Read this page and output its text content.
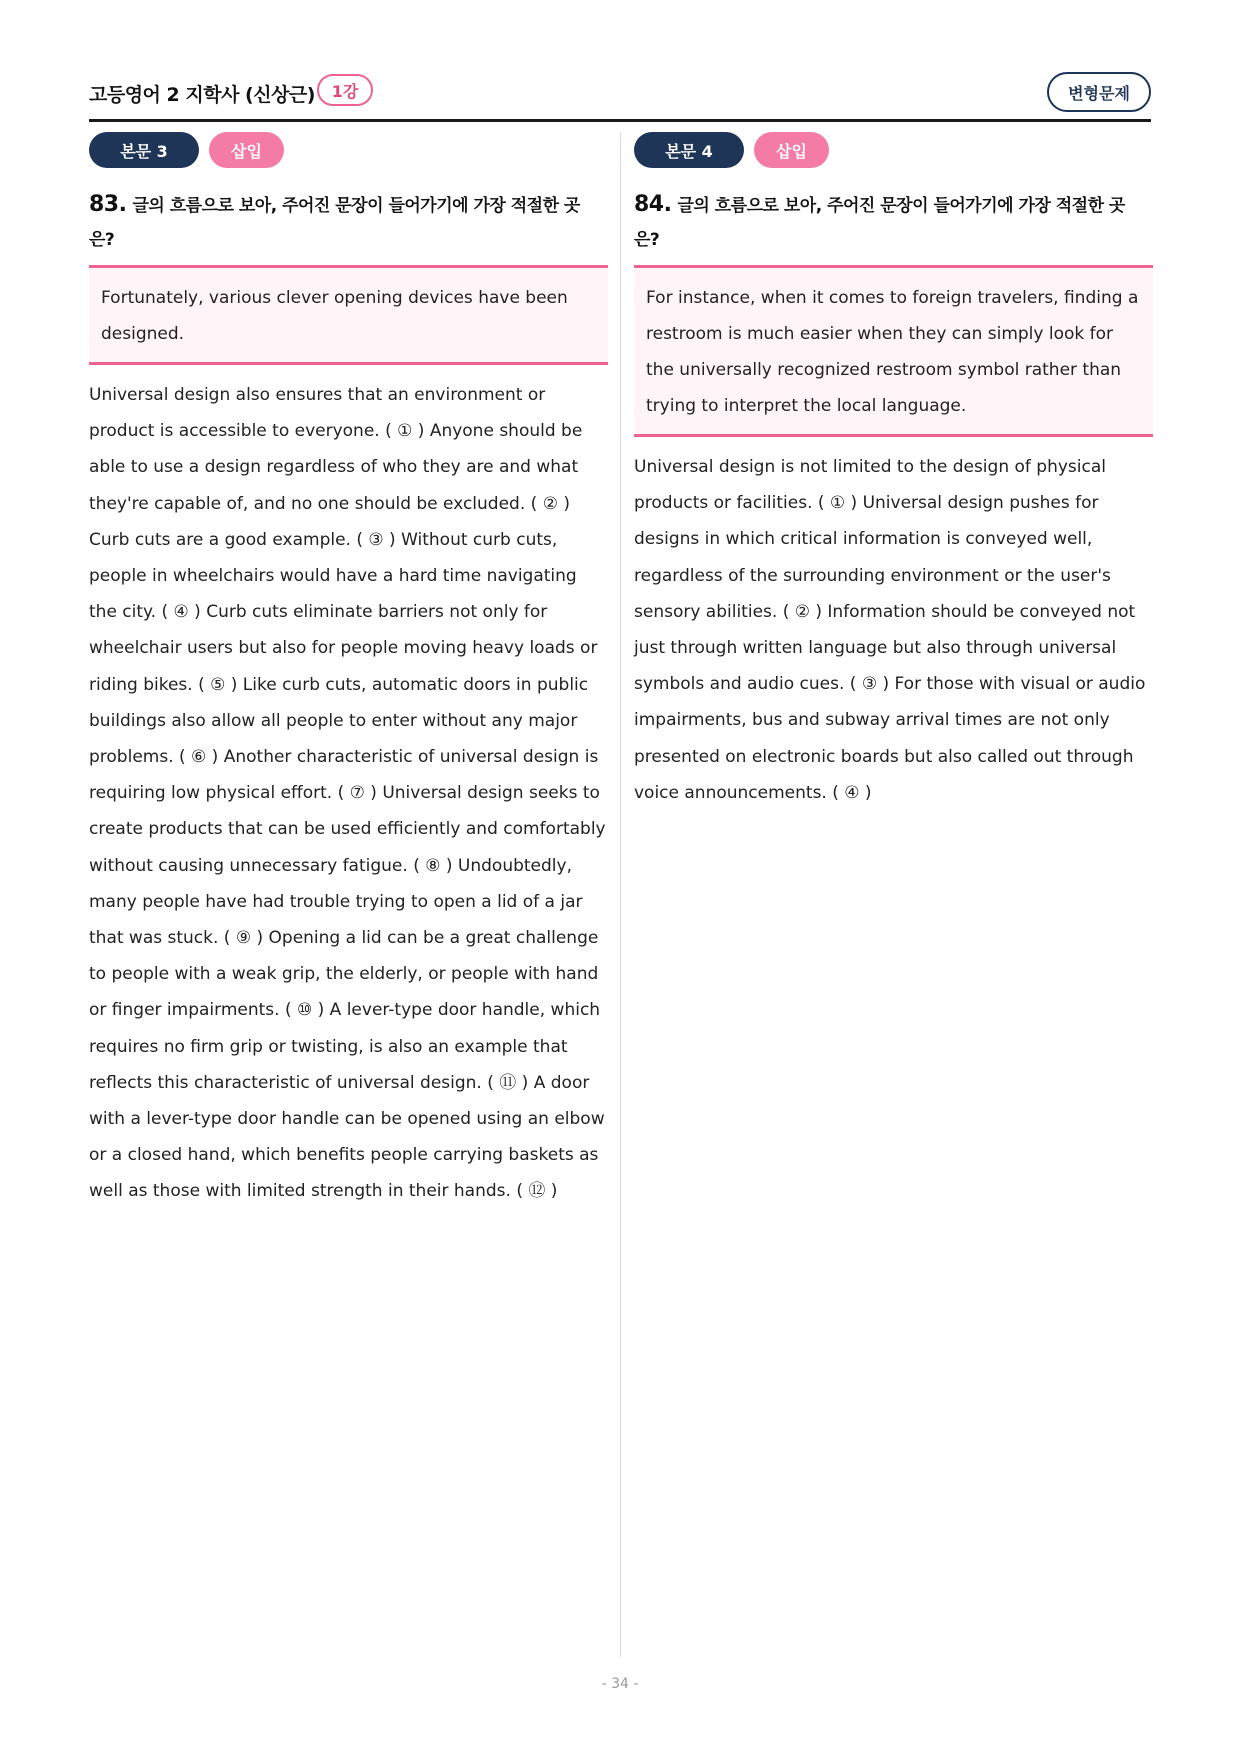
고등영어 2 지학사 (신상근)	1강	변형문제
본문 3	삽입
83. 글의 흐름으로 보아, 주어진 문장이 들어가기에 가장 적절한 곳은?
Fortunately, various clever opening devices have been designed.
Universal design also ensures that an environment or product is accessible to everyone. ( ① ) Anyone should be able to use a design regardless of who they are and what they're capable of, and no one should be excluded. ( ② ) Curb cuts are a good example. ( ③ ) Without curb cuts, people in wheelchairs would have a hard time navigating the city. ( ④ ) Curb cuts eliminate barriers not only for wheelchair users but also for people moving heavy loads or riding bikes. ( ⑤ ) Like curb cuts, automatic doors in public buildings also allow all people to enter without any major problems. ( ⑥ ) Another characteristic of universal design is requiring low physical effort. ( ⑦ ) Universal design seeks to create products that can be used efficiently and comfortably without causing unnecessary fatigue. ( ⑧ ) Undoubtedly, many people have had trouble trying to open a lid of a jar that was stuck. ( ⑨ ) Opening a lid can be a great challenge to people with a weak grip, the elderly, or people with hand or finger impairments. ( ⑩ ) A lever-type door handle, which requires no firm grip or twisting, is also an example that reflects this characteristic of universal design. ( ⑪ ) A door with a lever-type door handle can be opened using an elbow or a closed hand, which benefits people carrying baskets as well as those with limited strength in their hands. ( ⑫ )
본문 4	삽입
84. 글의 흐름으로 보아, 주어진 문장이 들어가기에 가장 적절한 곳은?
For instance, when it comes to foreign travelers, finding a restroom is much easier when they can simply look for the universally recognized restroom symbol rather than trying to interpret the local language.
Universal design is not limited to the design of physical products or facilities. ( ① ) Universal design pushes for designs in which critical information is conveyed well, regardless of the surrounding environment or the user's sensory abilities. ( ② ) Information should be conveyed not just through written language but also through universal symbols and audio cues. ( ③ ) For those with visual or audio impairments, bus and subway arrival times are not only presented on electronic boards but also called out through voice announcements. ( ④ )
- 34 -
